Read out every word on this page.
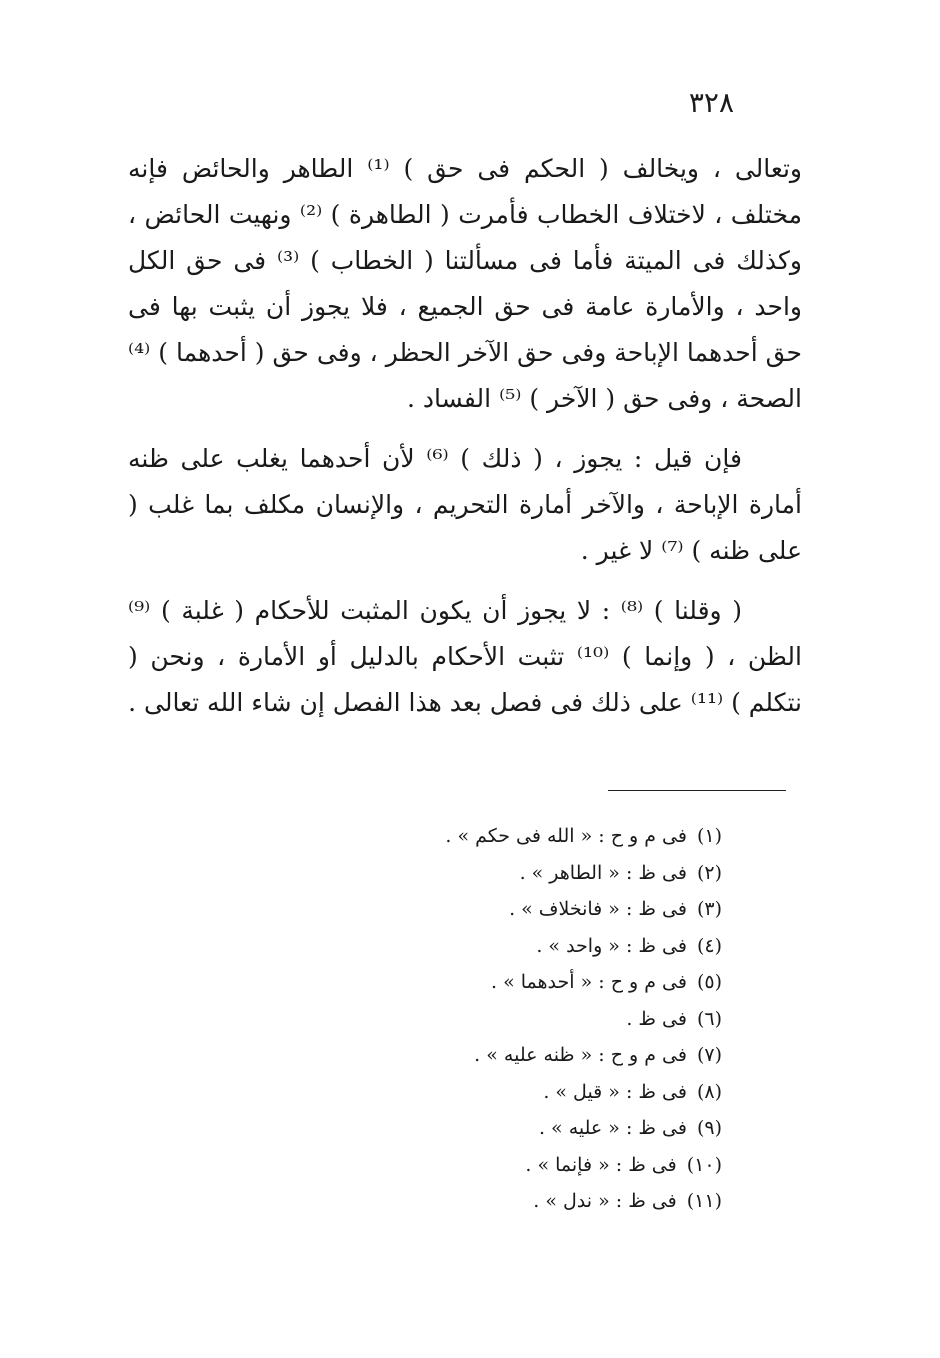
٣٢٨

وتعالى ، ويخالف ( الحكم فى حق ) ⁽¹⁾ الطاهر والحائض فإنه مختلف ، لاختلاف الخطاب فأمرت ( الطاهرة ) ⁽²⁾ ونهيت الحائض ، وكذلك فى الميتة فأما فى مسألتنا ( الخطاب ) ⁽³⁾ فى حق الكل واحد ، والأمارة عامة فى حق الجميع ، فلا يجوز أن يثبت بها فى حق أحدهما الإباحة وفى حق الآخر الحظر ، وفى حق ( أحدهما ) ⁽⁴⁾ الصحة ، وفى حق ( الآخر ) ⁽⁵⁾ الفساد .

فإن قيل : يجوز ، ( ذلك ) ⁽⁶⁾ لأن أحدهما يغلب على ظنه أمارة الإباحة ، والآخر أمارة التحريم ، والإنسان مكلف بما غلب ( على ظنه ) ⁽⁷⁾ لا غير .

( وقلنا ) ⁽⁸⁾ : لا يجوز أن يكون المثبت للأحكام ( غلبة ) ⁽⁹⁾ الظن ، ( وإنما ) ⁽¹⁰⁾ تثبت الأحكام بالدليل أو الأمارة ، ونحن ( نتكلم ) ⁽¹¹⁾ على ذلك فى فصل بعد هذا الفصل إن شاء الله تعالى .

(١)فى م و ح : « الله فى حكم » .
(٢)فى ظ : « الطاهر » .
(٣)فى ظ : « فانخلاف » .
(٤)فى ظ : « واحد » .
(٥)فى م و ح : « أحدهما » .
(٦)فى ظ .
(٧)فى م و ح : « ظنه عليه » .
(٨)فى ظ : « قيل » .
(٩)فى ظ : « عليه » .
(١٠)فى ظ : « فإنما » .
(١١)فى ظ : « ندل » .
